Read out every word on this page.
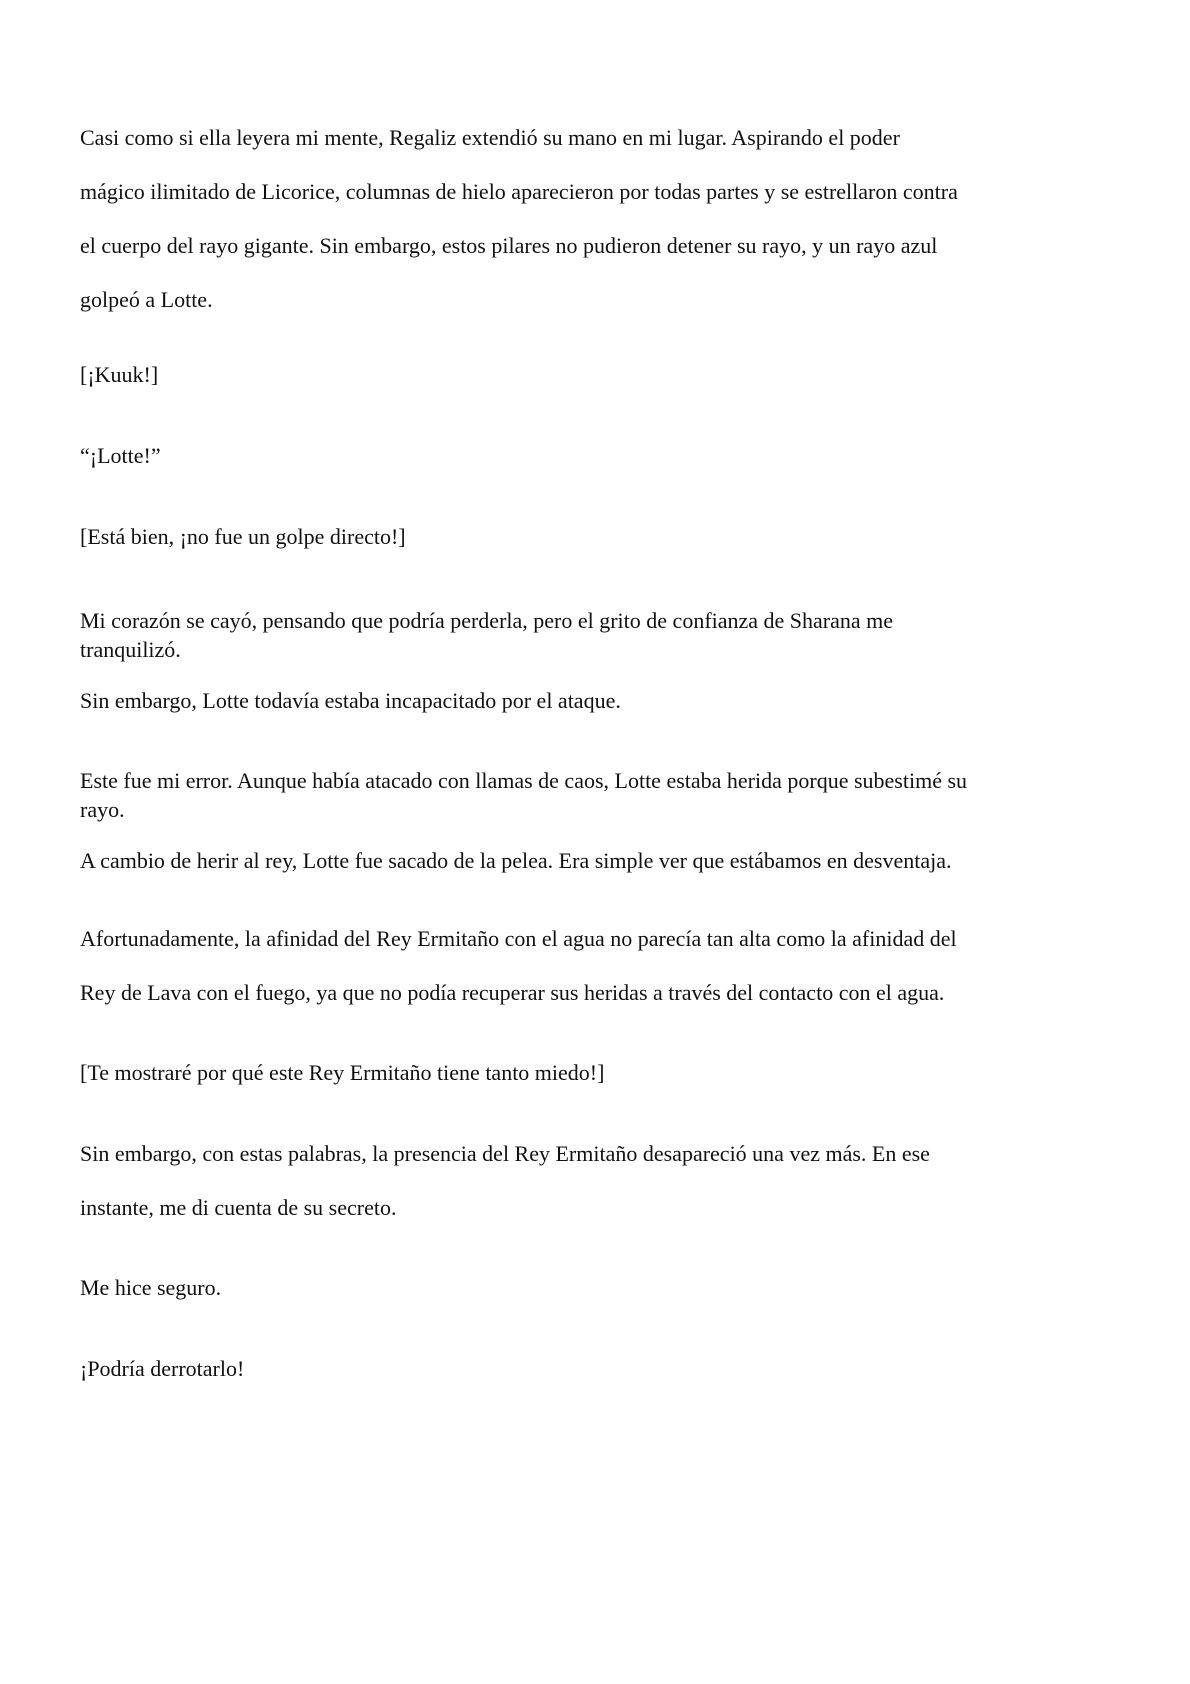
Casi como si ella leyera mi mente, Regaliz extendió su mano en mi lugar. Aspirando el poder
mágico ilimitado de Licorice, columnas de hielo aparecieron por todas partes y se estrellaron contra
el cuerpo del rayo gigante. Sin embargo, estos pilares no pudieron detener su rayo, y un rayo azul
golpeó a Lotte.

[¡Kuuk!]

“¡Lotte!”

[Está bien, ¡no fue un golpe directo!]

Mi corazón se cayó, pensando que podría perderla, pero el grito de confianza de Sharana me
tranquilizó.

Sin embargo, Lotte todavía estaba incapacitado por el ataque.

Este fue mi error. Aunque había atacado con llamas de caos, Lotte estaba herida porque subestimé su
rayo.

A cambio de herir al rey, Lotte fue sacado de la pelea. Era simple ver que estábamos en desventaja.

Afortunadamente, la afinidad del Rey Ermitaño con el agua no parecía tan alta como la afinidad del
Rey de Lava con el fuego, ya que no podía recuperar sus heridas a través del contacto con el agua.

[Te mostraré por qué este Rey Ermitaño tiene tanto miedo!]

Sin embargo, con estas palabras, la presencia del Rey Ermitaño desapareció una vez más. En ese
instante, me di cuenta de su secreto.

Me hice seguro.

¡Podría derrotarlo!
